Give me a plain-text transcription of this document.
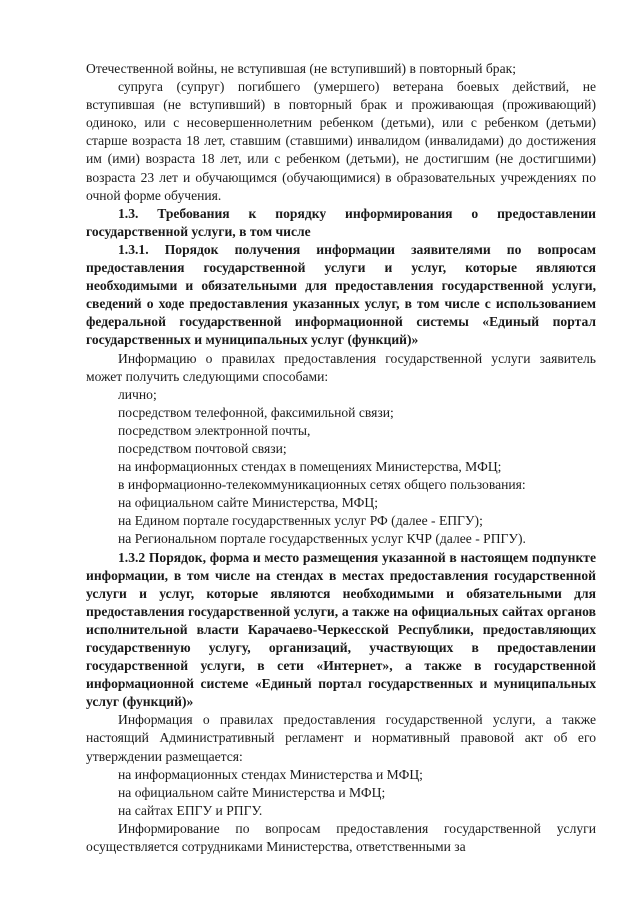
Отечественной войны, не вступившая (не вступивший) в повторный брак;

супруга (супруг) погибшего (умершего) ветерана боевых действий, не вступившая (не вступивший) в повторный брак и проживающая (проживающий) одиноко, или с несовершеннолетним ребенком (детьми), или с ребенком (детьми) старше возраста 18 лет, ставшим (ставшими) инвалидом (инвалидами) до достижения им (ими) возраста 18 лет, или с ребенком (детьми), не достигшим (не достигшими) возраста 23 лет и обучающимся (обучающимися) в образовательных учреждениях по очной форме обучения.

1.3. Требования к порядку информирования о предоставлении государственной услуги, в том числе

1.3.1. Порядок получения информации заявителями по вопросам предоставления государственной услуги и услуг, которые являются необходимыми и обязательными для предоставления государственной услуги, сведений о ходе предоставления указанных услуг, в том числе с использованием федеральной государственной информационной системы «Единый портал государственных и муниципальных услуг (функций)»

Информацию о правилах предоставления государственной услуги заявитель может получить следующими способами:

лично;

посредством телефонной, факсимильной связи;

посредством электронной почты,

посредством почтовой связи;

на информационных стендах в помещениях Министерства, МФЦ;

в информационно-телекоммуникационных сетях общего пользования:

на официальном сайте Министерства, МФЦ;

на Едином портале государственных услуг РФ (далее - ЕПГУ);

на Региональном портале государственных услуг КЧР (далее - РПГУ).

1.3.2 Порядок, форма и место размещения указанной в настоящем подпункте информации, в том числе на стендах в местах предоставления государственной услуги и услуг, которые являются необходимыми и обязательными для предоставления государственной услуги, а также на официальных сайтах органов исполнительной власти Карачаево-Черкесской Республики, предоставляющих государственную услугу, организаций, участвующих в предоставлении государственной услуги, в сети «Интернет», а также в государственной информационной системе «Единый портал государственных и муниципальных услуг (функций)»

Информация о правилах предоставления государственной услуги, а также настоящий Административный регламент и нормативный правовой акт об его утверждении размещается:

на информационных стендах Министерства и МФЦ;

на официальном сайте Министерства и МФЦ;

на сайтах ЕПГУ и РПГУ.

Информирование по вопросам предоставления государственной услуги осуществляется сотрудниками Министерства, ответственными за
